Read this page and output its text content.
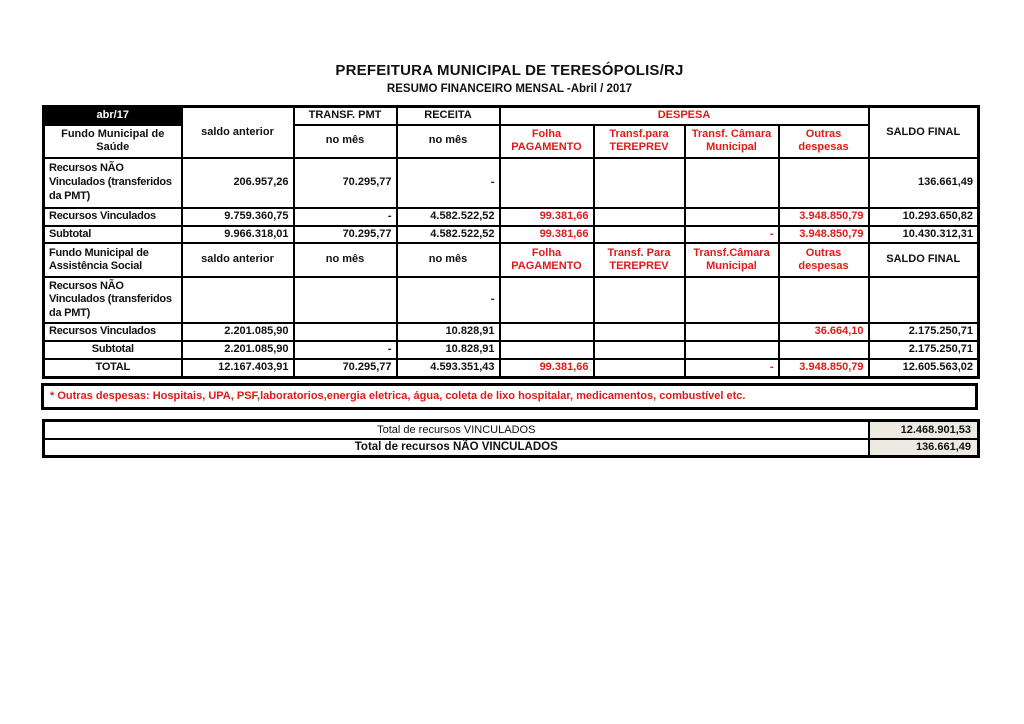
PREFEITURA MUNICIPAL DE TERESÓPOLIS/RJ
RESUMO FINANCEIRO MENSAL -Abril / 2017
abr/17	saldo anterior	TRANSF. PMT	RECEITA	DESPESA				SALDO FINAL
Fundo Municipal de Saúde		no mês	no mês	Folha PAGAMENTO	Transf.para TEREPREV	Transf. Câmara Municipal	Outras despesas	
Recursos NÃO Vinculados (transferidos da PMT)	206.957,26	70.295,77	-					136.661,49
Recursos Vinculados	9.759.360,75	-	4.582.522,52	99.381,66			3.948.850,79	10.293.650,82
Subtotal	9.966.318,01	70.295,77	4.582.522,52	99.381,66		-	3.948.850,79	10.430.312,31
Fundo Municipal de Assistência Social	saldo anterior	no mês	no mês	Folha PAGAMENTO	Transf. Para TEREPREV	Transf.Câmara Municipal	Outras despesas	SALDO FINAL
Recursos NÃO Vinculados (transferidos da PMT)			-					
Recursos Vinculados	2.201.085,90		10.828,91				36.664,10	2.175.250,71
Subtotal	2.201.085,90	-	10.828,91					2.175.250,71
TOTAL	12.167.403,91	70.295,77	4.593.351,43	99.381,66		-	3.948.850,79	12.605.563,02
* Outras despesas: Hospitais, UPA, PSF,laboratorios,energia eletrica, água, coleta de lixo hospitalar, medicamentos, combustível etc.
Total de recursos VINCULADOS	12.468.901,53
Total de recursos NÃO VINCULADOS	136.661,49
